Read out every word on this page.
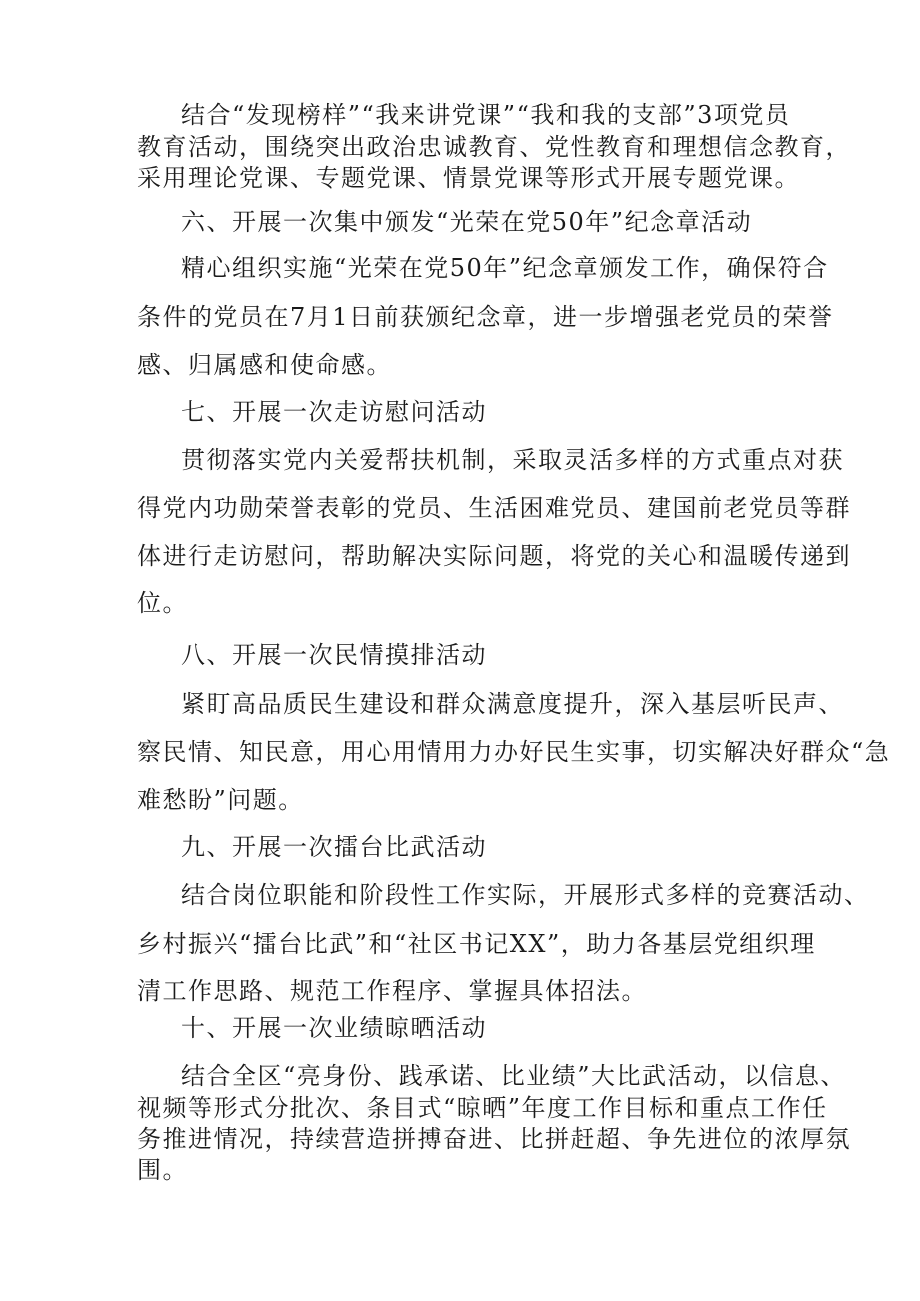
结合“发现榜样”“我来讲党课”“我和我的支部”3项党员
教育活动，围绕突出政治忠诚教育、党性教育和理想信念教育，
采用理论党课、专题党课、情景党课等形式开展专题党课。
六、开展一次集中颁发“光荣在党50年”纪念章活动
精心组织实施“光荣在党50年”纪念章颁发工作，确保符合
条件的党员在7月1日前获颁纪念章，进一步增强老党员的荣誉
感、归属感和使命感。
七、开展一次走访慰问活动
贯彻落实党内关爱帮扶机制，采取灵活多样的方式重点对获
得党内功勋荣誉表彰的党员、生活困难党员、建国前老党员等群
体进行走访慰问，帮助解决实际问题，将党的关心和温暖传递到
位。
八、开展一次民情摸排活动
紧盯高品质民生建设和群众满意度提升，深入基层听民声、
察民情、知民意，用心用情用力办好民生实事，切实解决好群众“急
难愁盼”问题。
九、开展一次擂台比武活动
结合岗位职能和阶段性工作实际，开展形式多样的竞赛活动、
乡村振兴“擂台比武”和“社区书记XX”，助力各基层党组织理
清工作思路、规范工作程序、掌握具体招法。
十、开展一次业绩晾晒活动
结合全区“亮身份、践承诺、比业绩”大比武活动，以信息、
视频等形式分批次、条目式“晾晒”年度工作目标和重点工作任
务推进情况，持续营造拼搏奋进、比拼赶超、争先进位的浓厚氛
围。
